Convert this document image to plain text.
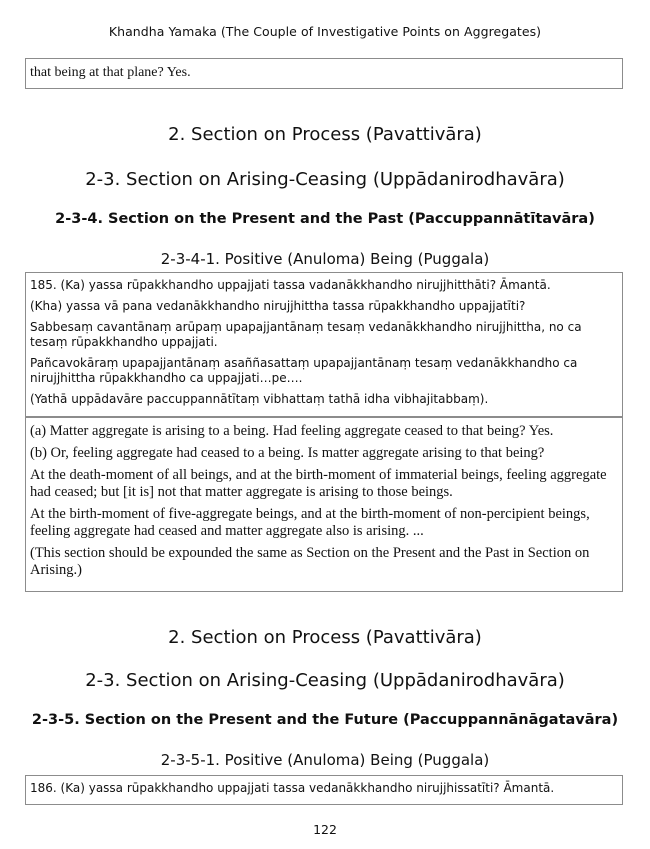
Khandha Yamaka (The Couple of Investigative Points on Aggregates)

that being at that plane? Yes.

2. Section on Process (Pavattivāra)
2-3. Section on Arising-Ceasing (Uppādanirodhavāra)
2-3-4. Section on the Present and the Past (Paccuppannātītavāra)
2-3-4-1. Positive (Anuloma) Being (Puggala)

185. (Ka) yassa rūpakkhandho uppajjati tassa vadanākkhandho nirujjhitthāti? Āmantā.

(Kha) yassa vā pana vedanākkhandho nirujjhittha tassa rūpakkhandho uppajjatīti?

Sabbesaṃ cavantānaṃ arūpaṃ upapajjantānaṃ tesaṃ vedanākkhandho nirujjhittha, no ca tesaṃ rūpakkhandho uppajjati.

Pañcavokāraṃ upapajjantānaṃ asaññasattaṃ upapajjantānaṃ tesaṃ vedanākkhandho ca nirujjhittha rūpakkhandho ca uppajjati…pe….

(Yathā uppādavāre paccuppannātītaṃ vibhattaṃ tathā idha vibhajitabbaṃ).

(a) Matter aggregate is arising to a being. Had feeling aggregate ceased to that being? Yes.

(b) Or, feeling aggregate had ceased to a being. Is matter aggregate arising to that being?

At the death-moment of all beings, and at the birth-moment of immaterial beings, feeling aggregate had ceased; but [it is] not that matter aggregate is arising to those beings.

At the birth-moment of five-aggregate beings, and at the birth-moment of non-percipient beings, feeling aggregate had ceased and matter aggregate also is arising. ...

(This section should be expounded the same as Section on the Present and the Past in Section on Arising.)

2. Section on Process (Pavattivāra)
2-3. Section on Arising-Ceasing (Uppādanirodhavāra)
2-3-5. Section on the Present and the Future (Paccuppannānāgatavāra)
2-3-5-1. Positive (Anuloma) Being (Puggala)

186. (Ka) yassa rūpakkhandho uppajjati tassa vedanākkhandho nirujjhissatīti? Āmantā.

122
